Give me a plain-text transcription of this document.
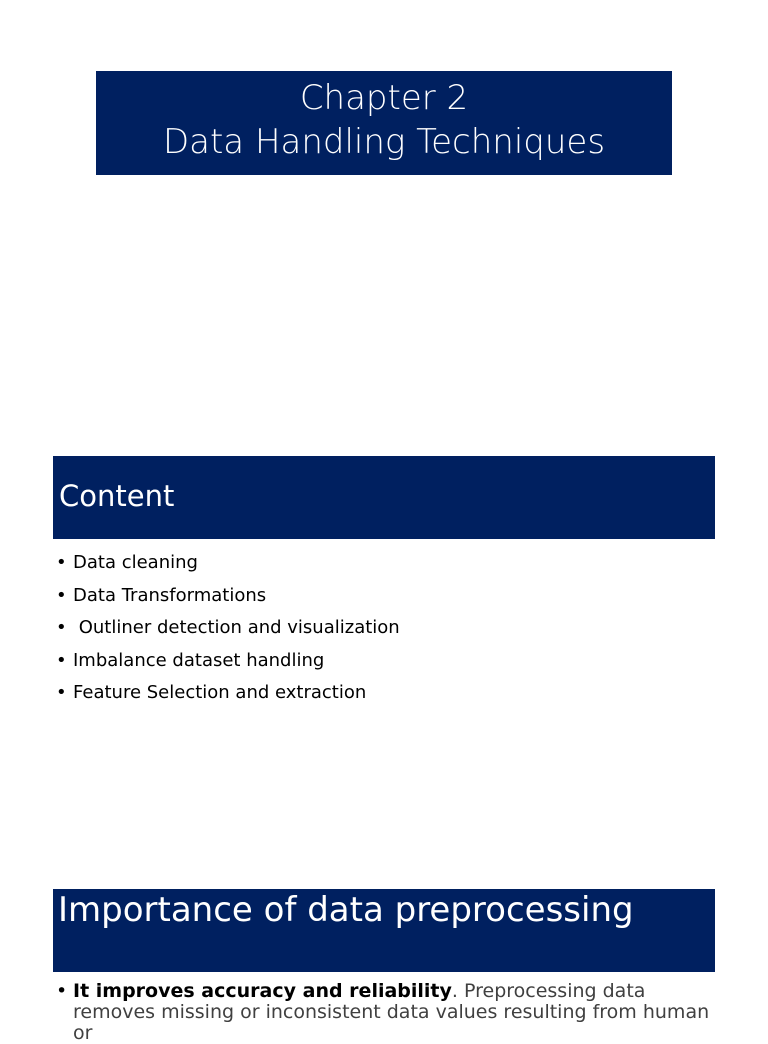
Chapter 2
Data Handling Techniques
Content
• Data cleaning
• Data Transformations
• Outliner detection and visualization
• Imbalance dataset handling
• Feature Selection and extraction
Importance of data preprocessing
• It improves accuracy and reliability. Preprocessing data removes missing or inconsistent data values resulting from human or
